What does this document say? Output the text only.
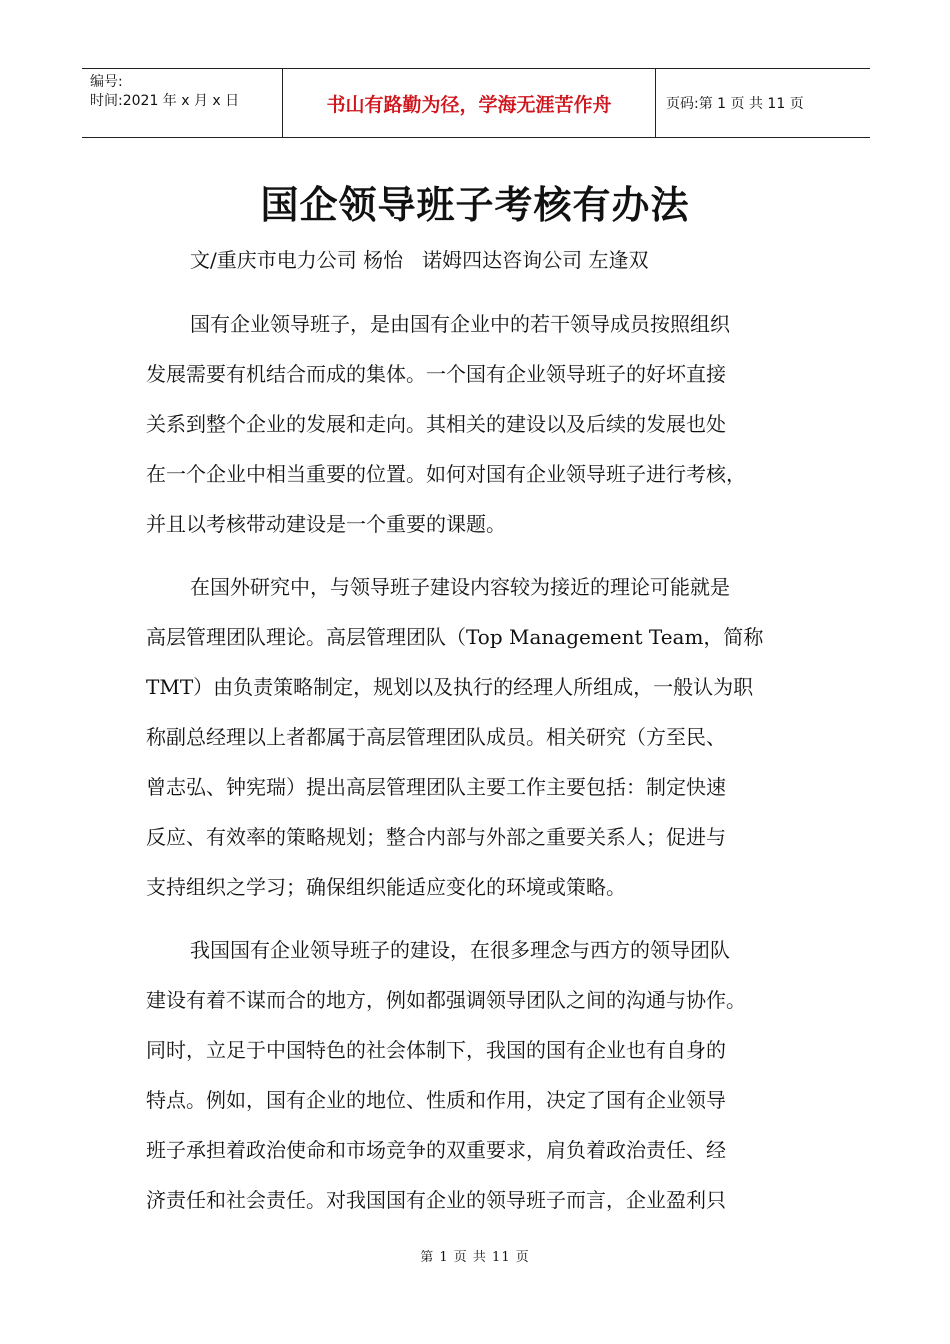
编号:
时间:2021 年 x 月 x 日	书山有路勤为径，学海无涯苦作舟	页码:第 1 页 共 11 页
国企领导班子考核有办法
文/重庆市电力公司 杨怡   诺姆四达咨询公司 左逢双
国有企业领导班子，是由国有企业中的若干领导成员按照组织
发展需要有机结合而成的集体。一个国有企业领导班子的好坏直接
关系到整个企业的发展和走向。其相关的建设以及后续的发展也处
在一个企业中相当重要的位置。如何对国有企业领导班子进行考核，
并且以考核带动建设是一个重要的课题。
在国外研究中，与领导班子建设内容较为接近的理论可能就是
高层管理团队理论。高层管理团队（Top Management Team，简称
TMT）由负责策略制定，规划以及执行的经理人所组成，一般认为职
称副总经理以上者都属于高层管理团队成员。相关研究（方至民、
曾志弘、钟宪瑞）提出高层管理团队主要工作主要包括：制定快速
反应、有效率的策略规划；整合内部与外部之重要关系人；促进与
支持组织之学习；确保组织能适应变化的环境或策略。
我国国有企业领导班子的建设，在很多理念与西方的领导团队
建设有着不谋而合的地方，例如都强调领导团队之间的沟通与协作。
同时，立足于中国特色的社会体制下，我国的国有企业也有自身的
特点。例如，国有企业的地位、性质和作用，决定了国有企业领导
班子承担着政治使命和市场竞争的双重要求，肩负着政治责任、经
济责任和社会责任。对我国国有企业的领导班子而言，企业盈利只
第 1 页 共 11 页
